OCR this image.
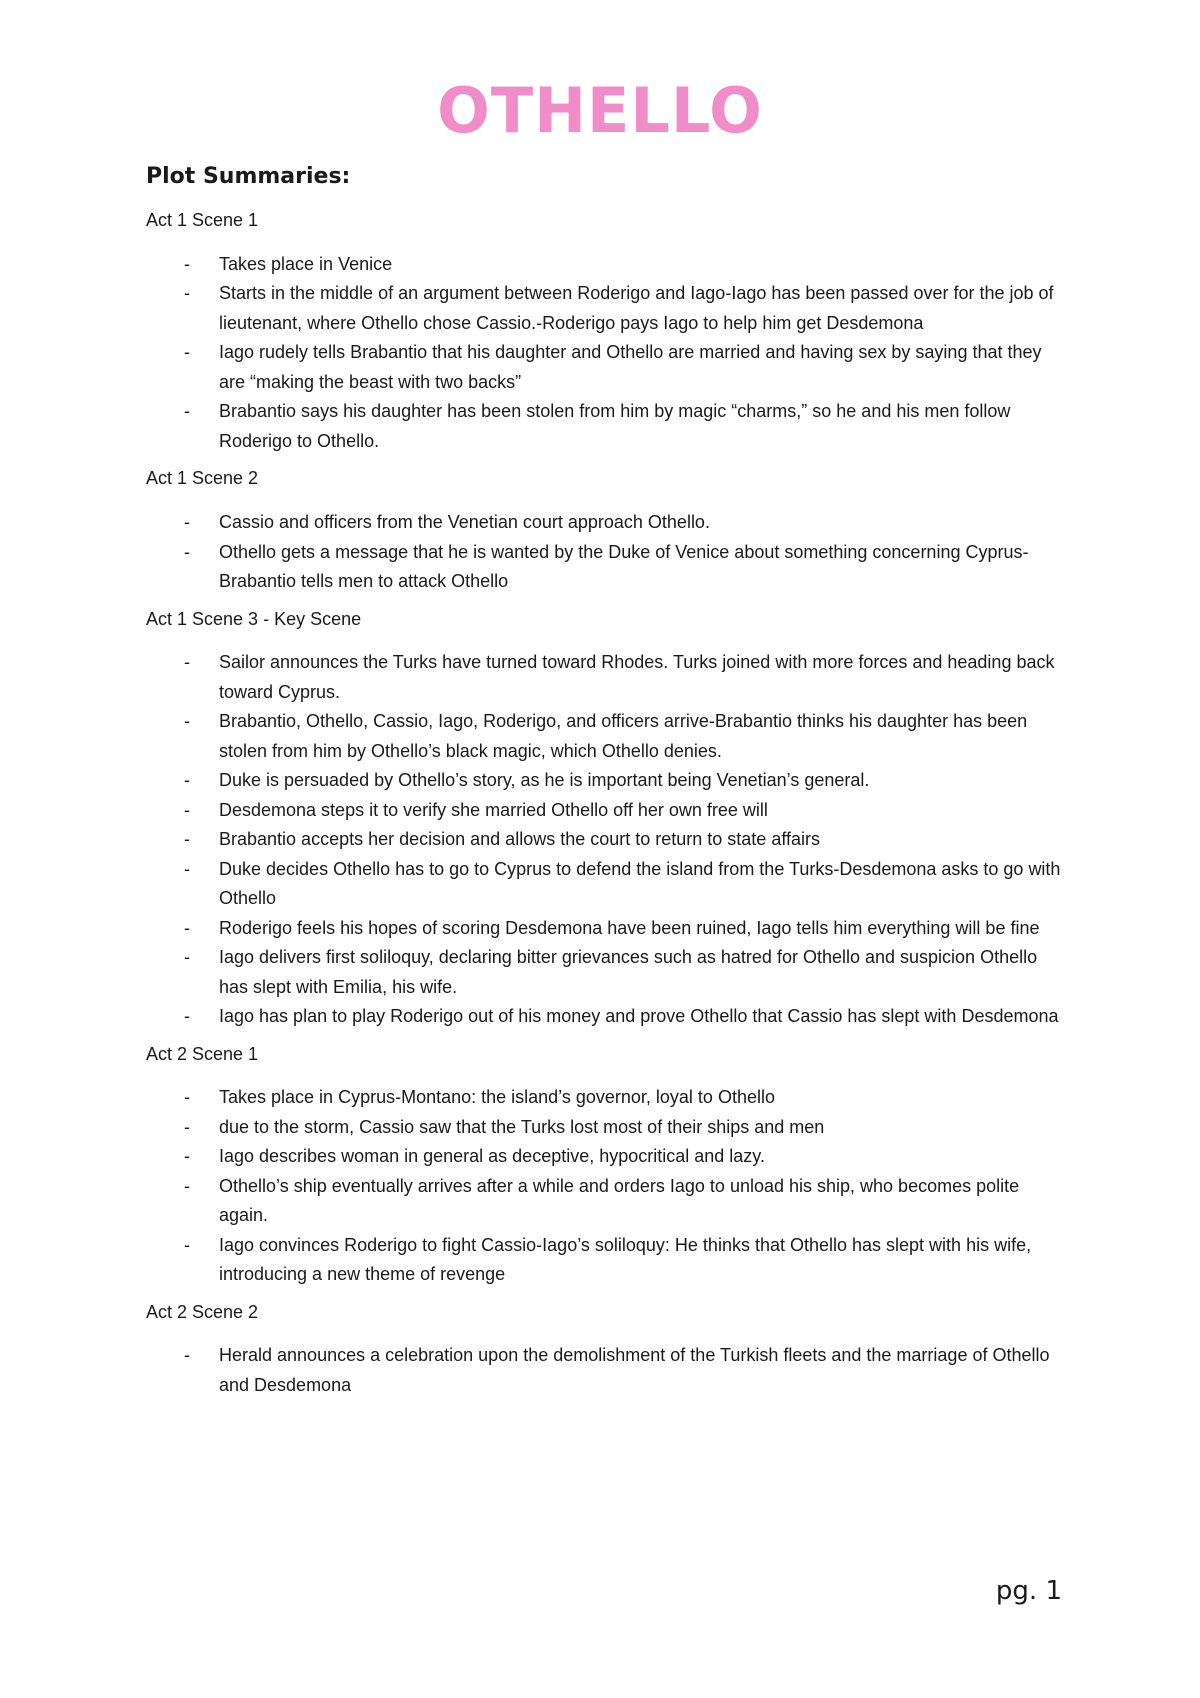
OTHELLO
Plot Summaries:
Act 1 Scene 1
- Takes place in Venice
- Starts in the middle of an argument between Roderigo and Iago-Iago has been passed over for the job of lieutenant, where Othello chose Cassio.-Roderigo pays Iago to help him get Desdemona
- Iago rudely tells Brabantio that his daughter and Othello are married and having sex by saying that they are “making the beast with two backs”
- Brabantio says his daughter has been stolen from him by magic “charms,” so he and his men follow Roderigo to Othello.
Act 1 Scene 2
- Cassio and officers from the Venetian court approach Othello.
- Othello gets a message that he is wanted by the Duke of Venice about something concerning Cyprus-Brabantio tells men to attack Othello
Act 1 Scene 3 - Key Scene
- Sailor announces the Turks have turned toward Rhodes. Turks joined with more forces and heading back toward Cyprus.
- Brabantio, Othello, Cassio, Iago, Roderigo, and officers arrive-Brabantio thinks his daughter has been stolen from him by Othello’s black magic, which Othello denies.
- Duke is persuaded by Othello’s story, as he is important being Venetian’s general.
- Desdemona steps it to verify she married Othello off her own free will
- Brabantio accepts her decision and allows the court to return to state affairs
- Duke decides Othello has to go to Cyprus to defend the island from the Turks-Desdemona asks to go with Othello
- Roderigo feels his hopes of scoring Desdemona have been ruined, Iago tells him everything will be fine
- Iago delivers first soliloquy, declaring bitter grievances such as hatred for Othello and suspicion Othello has slept with Emilia, his wife.
- Iago has plan to play Roderigo out of his money and prove Othello that Cassio has slept with Desdemona
Act 2 Scene 1
- Takes place in Cyprus-Montano: the island’s governor, loyal to Othello
- due to the storm, Cassio saw that the Turks lost most of their ships and men
- Iago describes woman in general as deceptive, hypocritical and lazy.
- Othello’s ship eventually arrives after a while and orders Iago to unload his ship, who becomes polite again.
- Iago convinces Roderigo to fight Cassio-Iago’s soliloquy: He thinks that Othello has slept with his wife, introducing a new theme of revenge
Act 2 Scene 2
- Herald announces a celebration upon the demolishment of the Turkish fleets and the marriage of Othello and Desdemona
pg. 1
